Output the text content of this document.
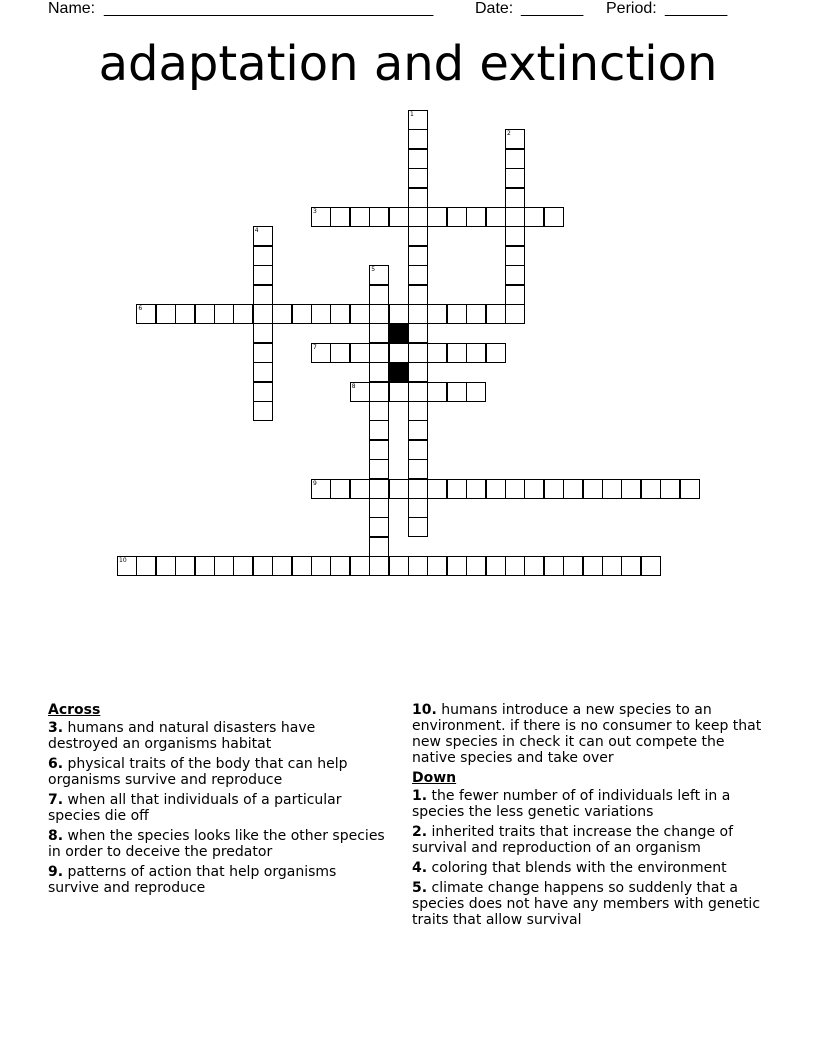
Name: _____________________________________	Date: _______ Period: _______
adaptation and extinction
1
2
3
4
5
6
7
8
9
10
Across
3. humans and natural disasters have destroyed an organisms habitat
6. physical traits of the body that can help organisms survive and reproduce
7. when all that individuals of a particular species die off
8. when the species looks like the other species in order to deceive the predator
9. patterns of action that help organisms survive and reproduce
10. humans introduce a new species to an environment. if there is no consumer to keep that new species in check it can out compete the native species and take over
Down
1. the fewer number of of individuals left in a species the less genetic variations
2. inherited traits that increase the change of survival and reproduction of an organism
4. coloring that blends with the environment
5. climate change happens so suddenly that a species does not have any members with genetic traits that allow survival
